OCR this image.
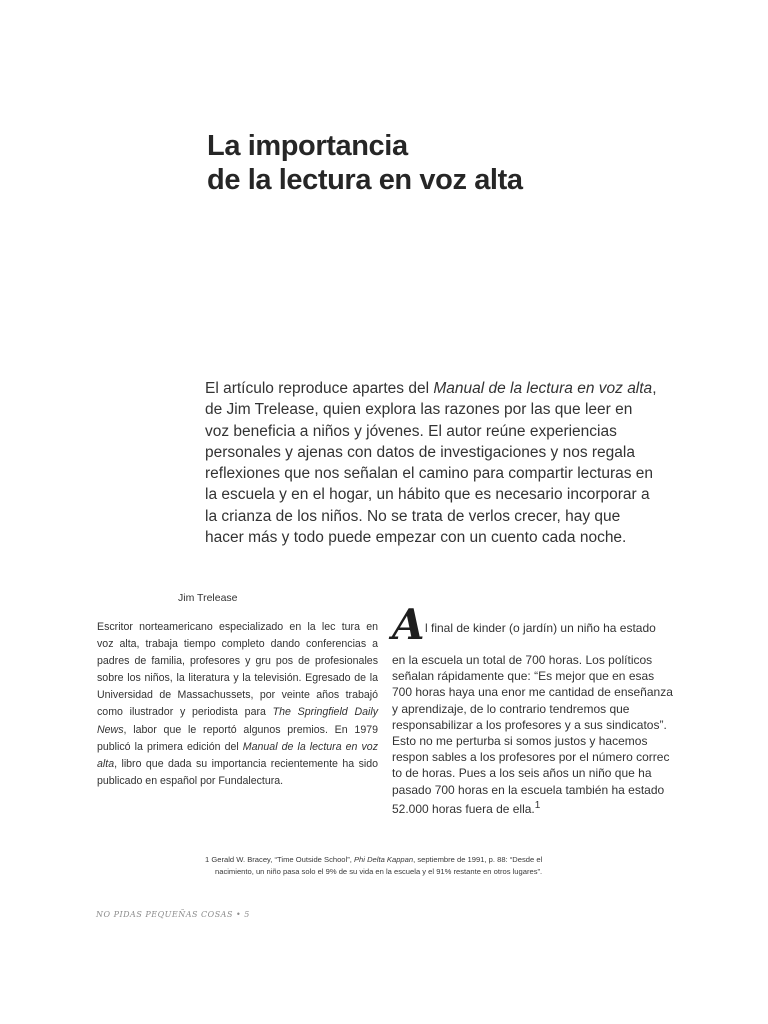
La importancia
de la lectura en voz alta

El artículo reproduce apartes del Manual de la lectura en voz alta,
de Jim Trelease, quien explora las razones por las que leer en
voz beneficia a niños y jóvenes. El autor reúne experiencias
personales y ajenas con datos de investigaciones y nos regala
reflexiones que nos señalan el camino para compartir lecturas en
la escuela y en el hogar, un hábito que es necesario incorporar a
la crianza de los niños. No se trata de verlos crecer, hay que
hacer más y todo puede empezar con un cuento cada noche.

Jim Trelease

Escritor norteamericano especializado en la lec tura en
voz alta, trabaja tiempo completo dando conferencias a
padres de familia, profesores y gru pos de profesionales
sobre los niños, la literatura y la televisión. Egresado de la
Universidad de Massachussets, por veinte años trabajó
como ilustrador y periodista para The Springfield Daily
News, labor que le reportó algunos premios. En 1979
publicó la primera edición del Manual de la lectura en voz
alta, libro que dada su importancia recientemente ha sido
publicado en español por Fundalectura.

A l final de kinder (o jardín) un niño ha estado

en la escuela un total de 700 horas. Los políticos
señalan rápidamente que: “Es mejor que en esas
700 horas haya una enor me cantidad de enseñanza
y aprendizaje, de lo contrario tendremos que
responsabilizar a los profesores y a sus sindicatos”.
Esto no me perturba si somos justos y hacemos
respon sables a los profesores por el número correc
to de horas. Pues a los seis años un niño que ha
pasado 700 horas en la escuela también ha estado
52.000 horas fuera de ella.$^1$

1 Gerald W. Bracey, “Time Outside School”, Phi Delta Kappan, septiembre de 1991, p. 88: “Desde el
nacimiento, un niño pasa solo el 9% de su vida en la escuela y el 91% restante en otros lugares”.

NO PIDAS PEQUEÑAS COSAS • 5
